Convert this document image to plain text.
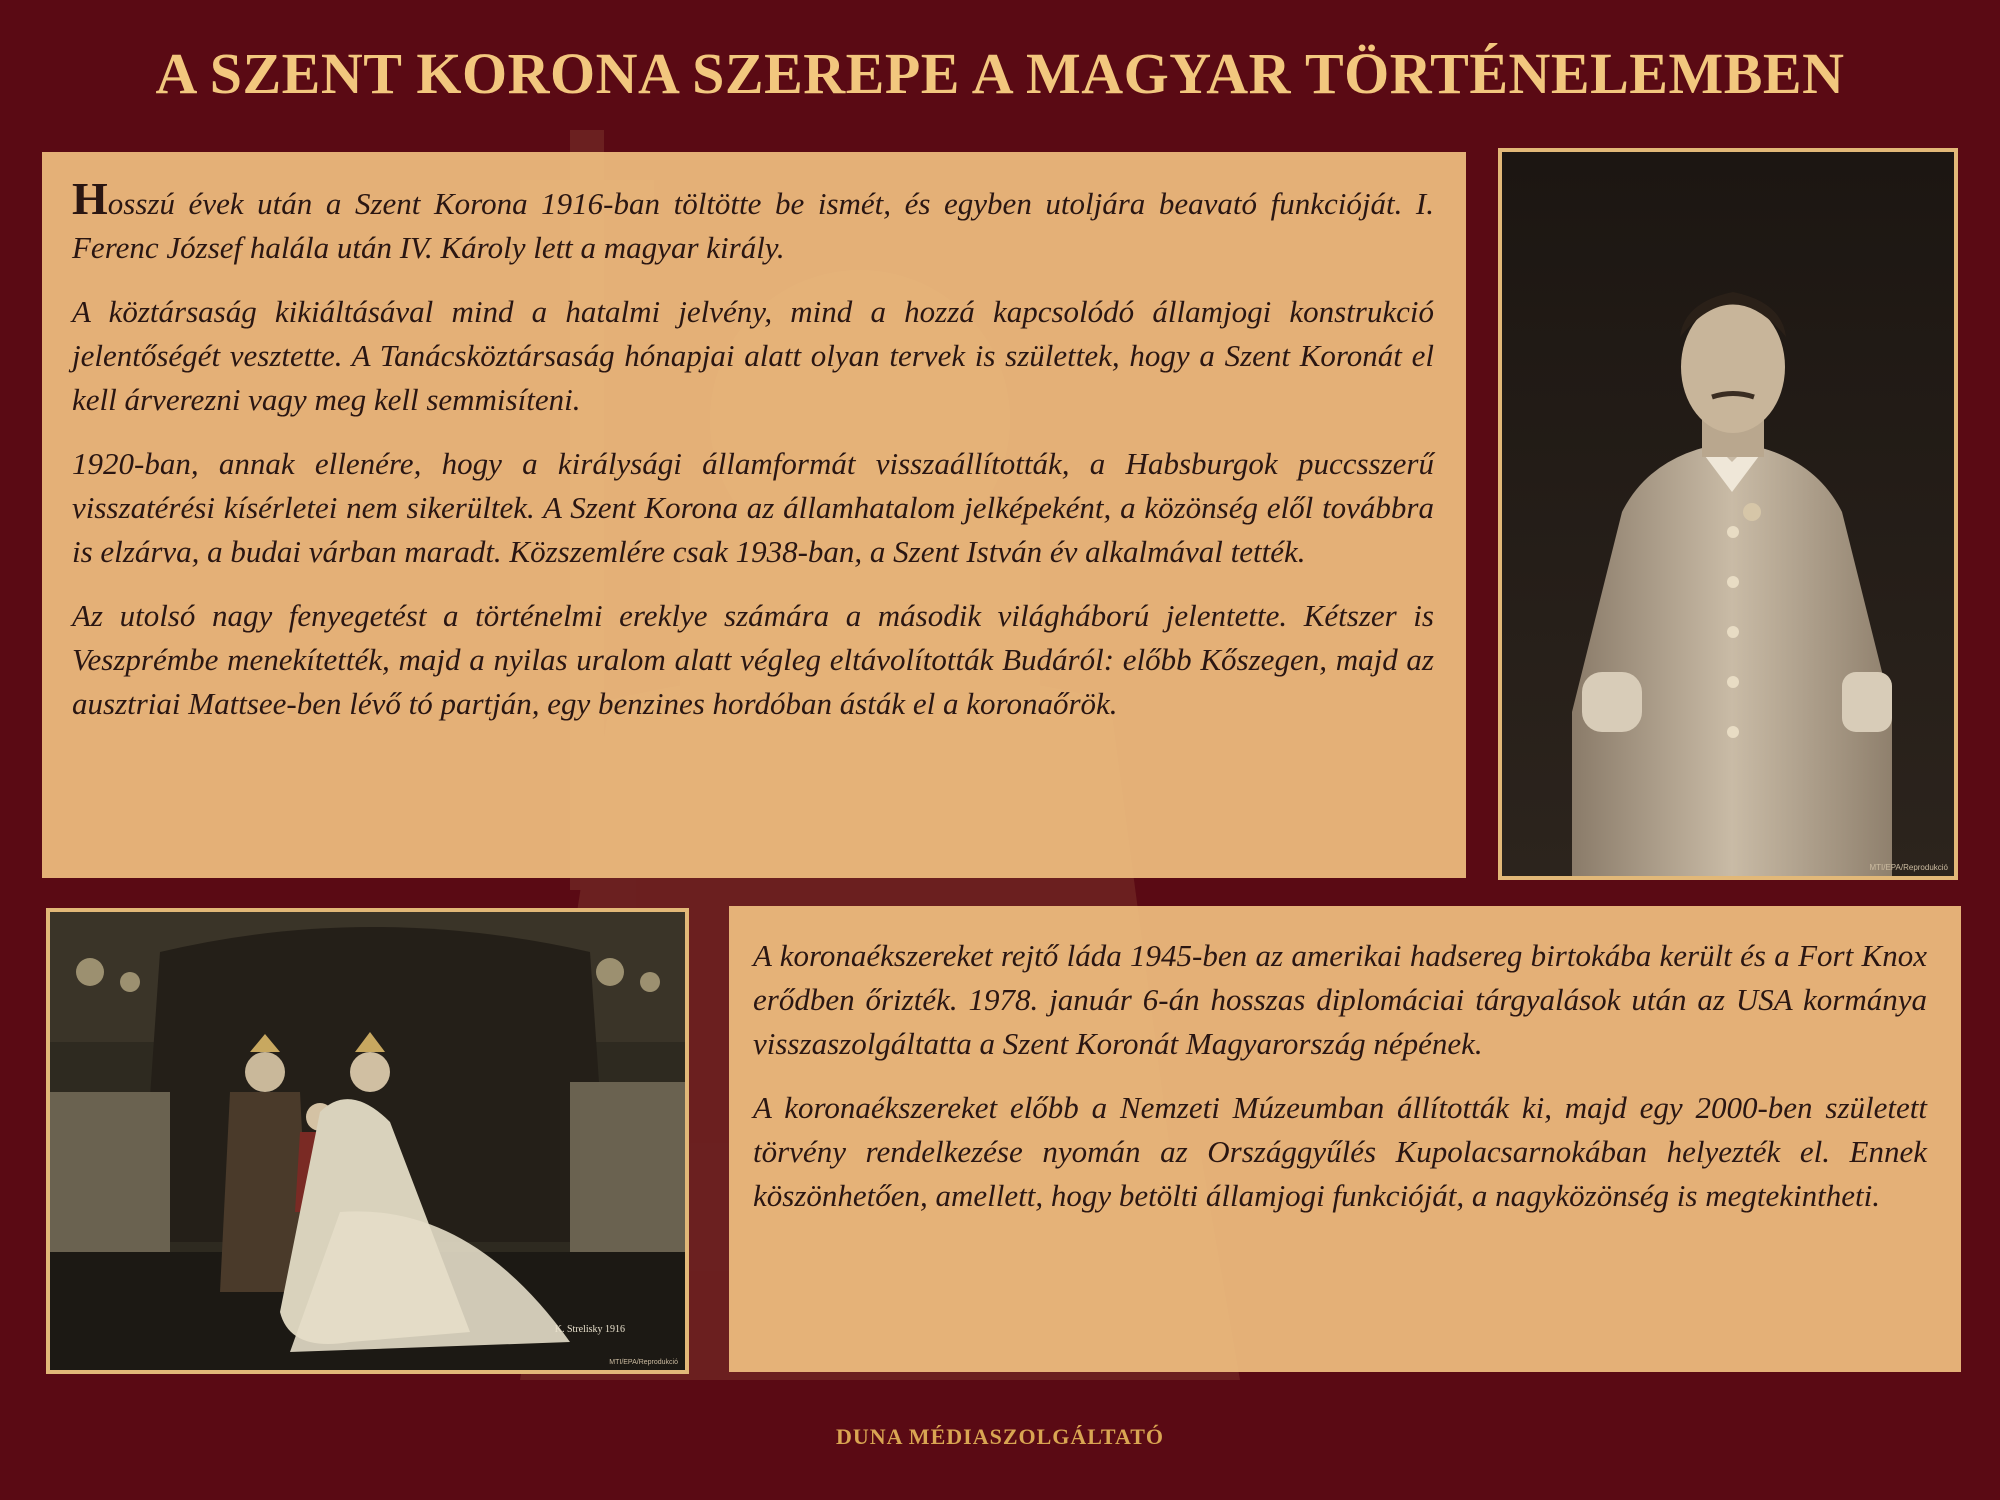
A SZENT KORONA SZEREPE A MAGYAR TÖRTÉNELEMBEN

Hosszú évek után a Szent Korona 1916-ban töltötte be ismét, és egyben utoljára beavató funkcióját. I. Ferenc József halála után IV. Károly lett a magyar király.

A köztársaság kikiáltásával mind a hatalmi jelvény, mind a hozzá kapcsolódó államjogi konstrukció jelentőségét vesztette. A Tanácsköztársaság hónapjai alatt olyan tervek is születtek, hogy a Szent Koronát el kell árverezni vagy meg kell semmisíteni.

1920-ban, annak ellenére, hogy a királysági államformát visszaállították, a Habsburgok puccsszerű visszatérési kísérletei nem sikerültek. A Szent Korona az államhatalom jelképeként, a közönség elől továbbra is elzárva, a budai várban maradt. Közszemlére csak 1938-ban, a Szent István év alkalmával tették.

Az utolsó nagy fenyegetést a történelmi ereklye számára a második világháború jelentette. Kétszer is Veszprémbe menekítették, majd a nyilas uralom alatt végleg eltávolították Budáról: előbb Kőszegen, majd az ausztriai Mattsee-ben lévő tó partján, egy benzines hordóban ásták el a koronaőrök.

MTI/EPA/Reprodukció
K. Strelisky 1916
MTI/EPA/Reprodukció

A koronaékszereket rejtő láda 1945-ben az amerikai hadsereg birtokába került és a Fort Knox erődben őrizték. 1978. január 6-án hosszas diplomáciai tárgyalások után az USA kormánya visszaszolgáltatta a Szent Koronát Magyarország népének.

A koronaékszereket előbb a Nemzeti Múzeumban állították ki, majd egy 2000-ben született törvény rendelkezése nyomán az Országgyűlés Kupolacsarnokában helyezték el. Ennek köszönhetően, amellett, hogy betölti államjogi funkcióját, a nagyközönség is megtekintheti.

DUNA MÉDIASZOLGÁLTATÓ
